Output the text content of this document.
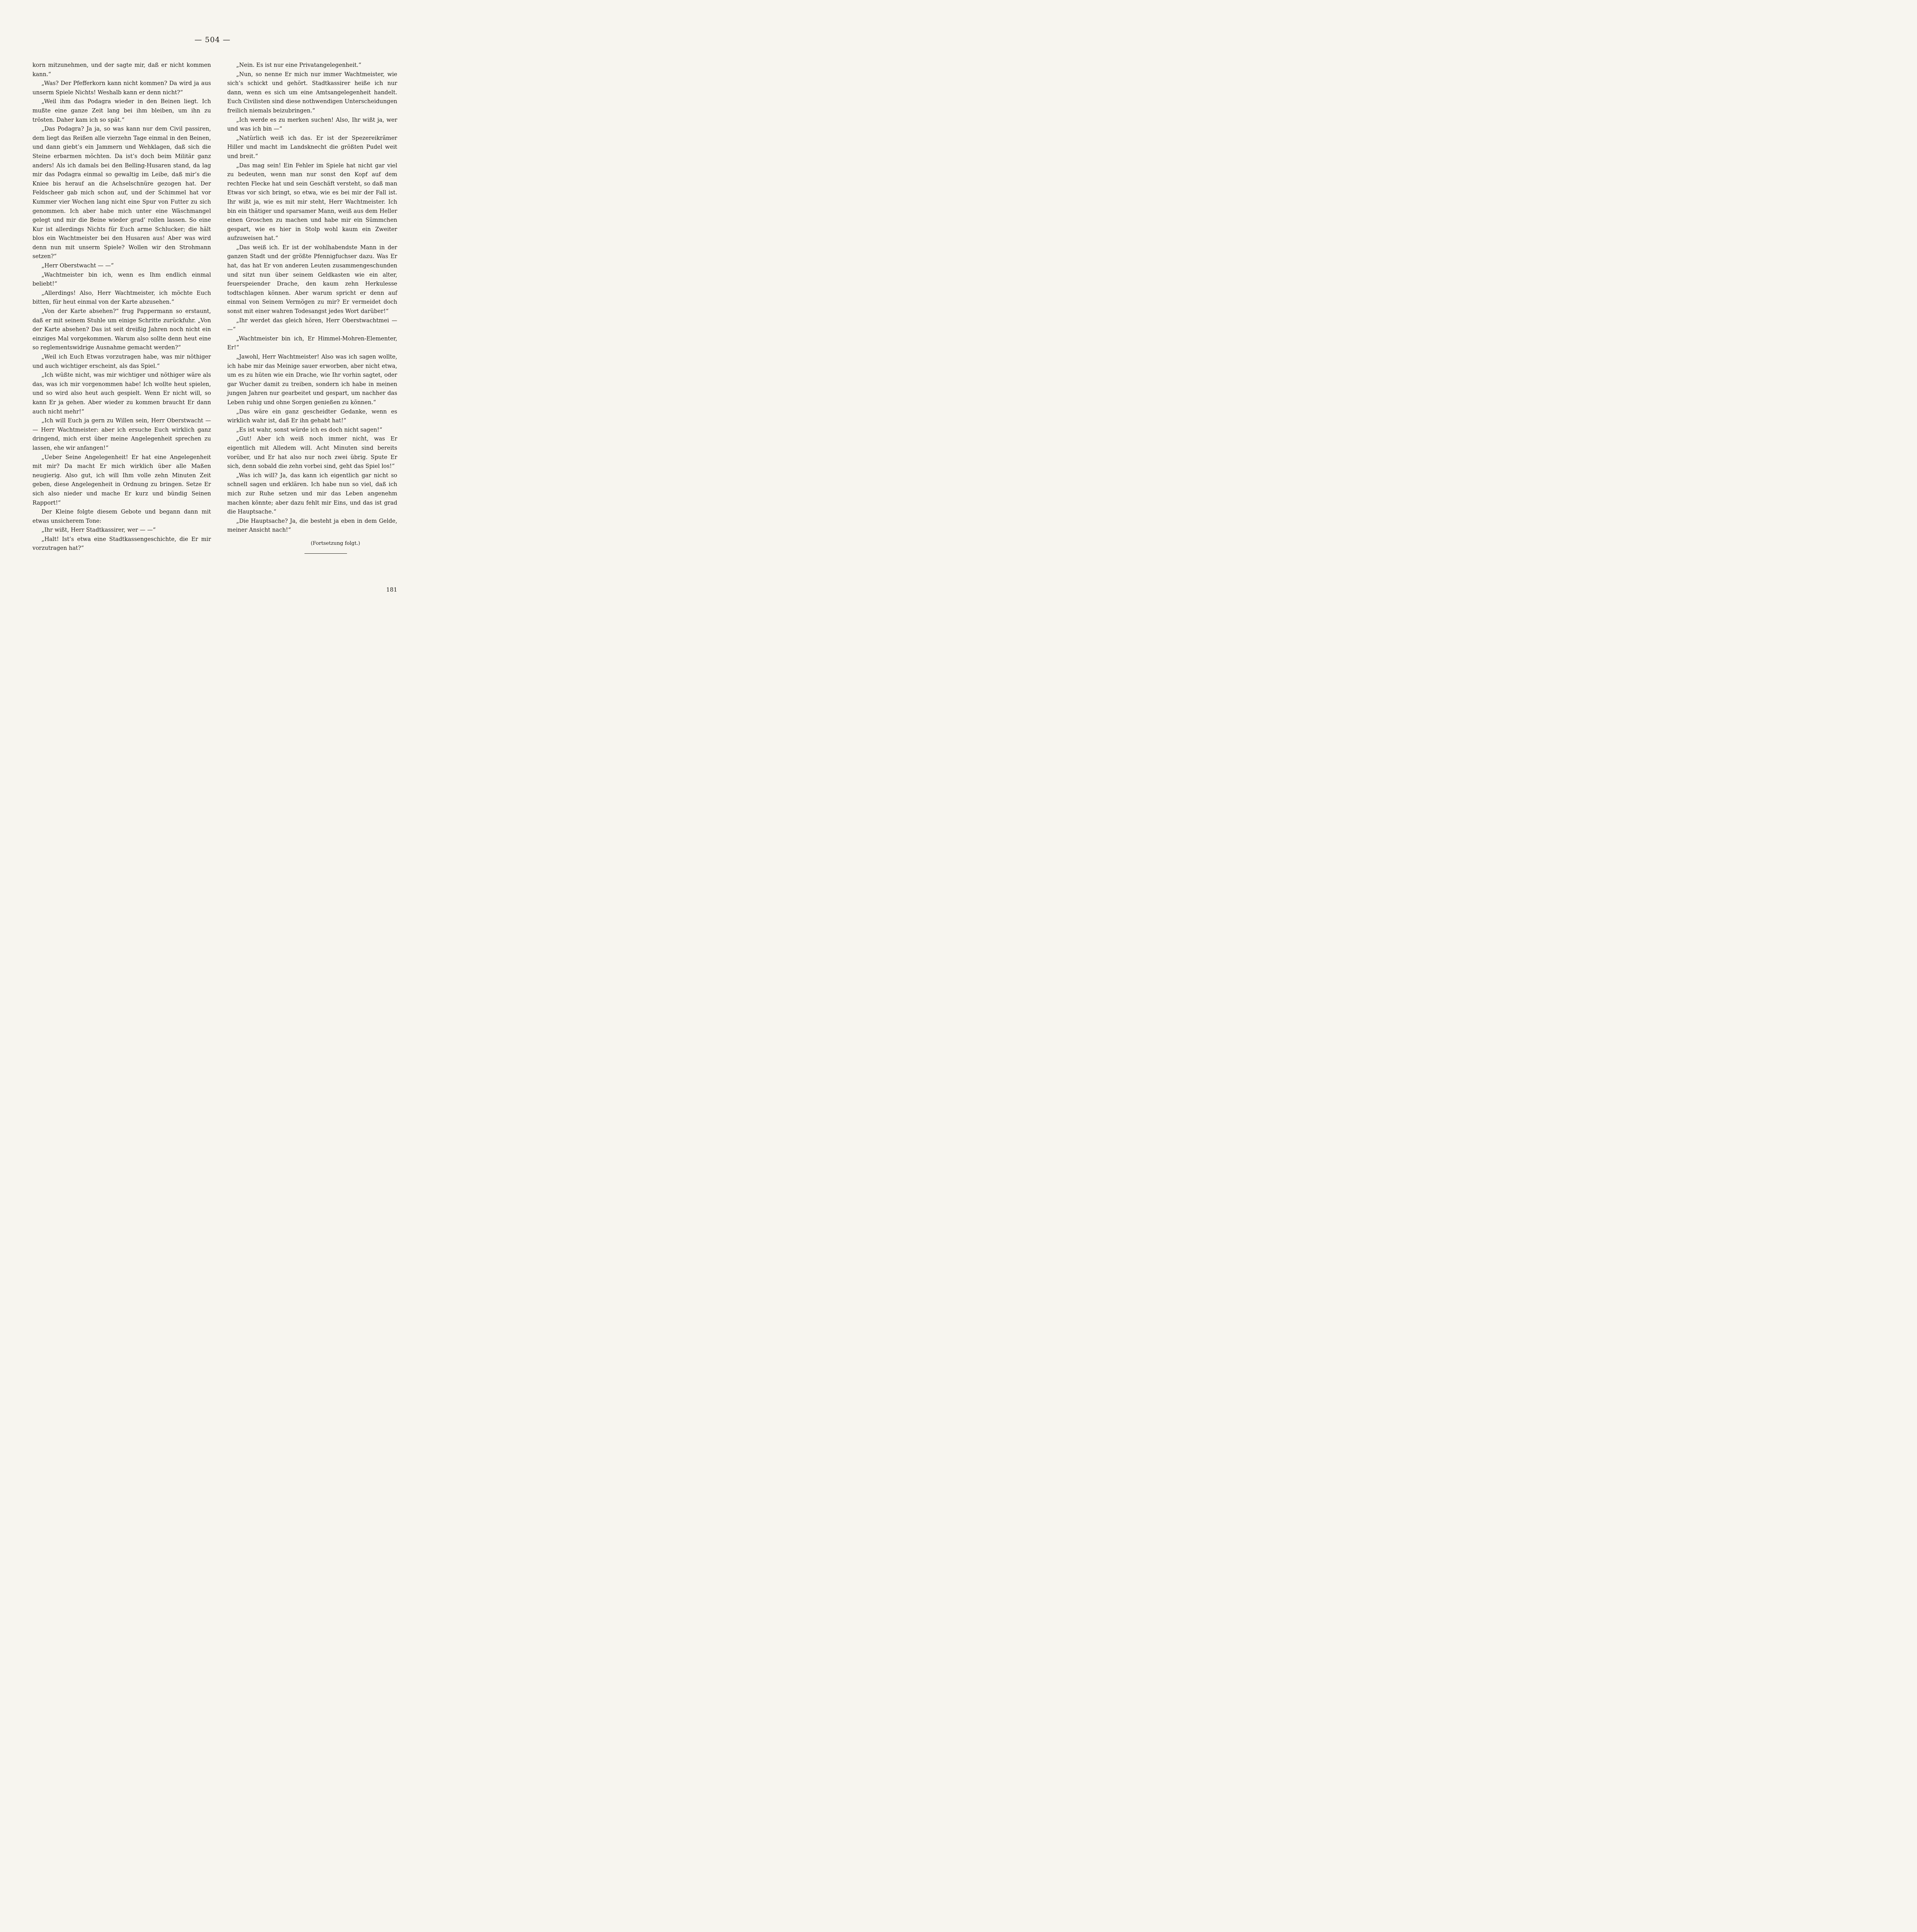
— 504 —

korn mitzunehmen, und der sagte mir, daß er nicht kommen kann.“

„Was? Der Pfefferkorn kann nicht kommen? Da wird ja aus unserm Spiele Nichts! Weshalb kann er denn nicht?“

„Weil ihm das Podagra wieder in den Beinen liegt. Ich mußte eine ganze Zeit lang bei ihm bleiben, um ihn zu trösten. Daher kam ich so spät.“

„Das Podagra? Ja ja, so was kann nur dem Civil passiren, dem liegt das Reißen alle vierzehn Tage einmal in den Beinen, und dann giebt’s ein Jammern und Wehklagen, daß sich die Steine erbarmen möchten. Da ist’s doch beim Militär ganz anders! Als ich damals bei den Belling-Husaren stand, da lag mir das Podagra einmal so gewaltig im Leibe, daß mir’s die Kniee bis herauf an die Achselschnüre gezogen hat. Der Feldscheer gab mich schon auf, und der Schimmel hat vor Kummer vier Wochen lang nicht eine Spur von Futter zu sich genommen. Ich aber habe mich unter eine Wäschmangel gelegt und mir die Beine wieder grad’ rollen lassen. So eine Kur ist allerdings Nichts für Euch arme Schlucker; die hält blos ein Wachtmeister bei den Husaren aus! Aber was wird denn nun mit unserm Spiele? Wollen wir den Strohmann setzen?“

„Herr Oberstwacht — —“

„Wachtmeister bin ich, wenn es Ihm endlich einmal beliebt!“

„Allerdings! Also, Herr Wachtmeister, ich möchte Euch bitten, für heut einmal von der Karte abzusehen.“

„Von der Karte absehen?“ frug Pappermann so erstaunt, daß er mit seinem Stuhle um einige Schritte zurückfuhr. „Von der Karte absehen? Das ist seit dreißig Jahren noch nicht ein einziges Mal vorgekommen. Warum also sollte denn heut eine so reglementswidrige Ausnahme gemacht werden?“

„Weil ich Euch Etwas vorzutragen habe, was mir nöthiger und auch wichtiger erscheint, als das Spiel.“

„Ich wüßte nicht, was mir wichtiger und nöthiger wäre als das, was ich mir vorgenommen habe! Ich wollte heut spielen, und so wird also heut auch gespielt. Wenn Er nicht will, so kann Er ja gehen. Aber wieder zu kommen braucht Er dann auch nicht mehr!“

„Ich will Euch ja gern zu Willen sein, Herr Oberstwacht — — Herr Wachtmeister: aber ich ersuche Euch wirklich ganz dringend, mich erst über meine Angelegenheit sprechen zu lassen, ehe wir anfangen!“

„Ueber Seine Angelegenheit! Er hat eine Angelegenheit mit mir? Da macht Er mich wirklich über alle Maßen neugierig. Also gut, ich will Ihm volle zehn Minuten Zeit geben, diese Angelegenheit in Ordnung zu bringen. Setze Er sich also nieder und mache Er kurz und bündig Seinen Rapport!“

Der Kleine folgte diesem Gebote und begann dann mit etwas unsicherem Tone:

„Ihr wißt, Herr Stadtkassirer, wer — —“

„Halt! Ist’s etwa eine Stadtkassengeschichte, die Er mir vorzutragen hat?“

„Nein. Es ist nur eine Privatangelegenheit.“

„Nun, so nenne Er mich nur immer Wachtmeister, wie sich’s schickt und gehört. Stadtkassirer heiße ich nur dann, wenn es sich um eine Amtsangelegenheit handelt. Euch Civilisten sind diese nothwendigen Unterscheidungen freilich niemals beizubringen.“

„Ich werde es zu merken suchen! Also, Ihr wißt ja, wer und was ich bin —“

„Natürlich weiß ich das. Er ist der Spezereikrämer Hiller und macht im Landsknecht die größten Pudel weit und breit.“

„Das mag sein! Ein Fehler im Spiele hat nicht gar viel zu bedeuten, wenn man nur sonst den Kopf auf dem rechten Flecke hat und sein Geschäft versteht, so daß man Etwas vor sich bringt, so etwa, wie es bei mir der Fall ist. Ihr wißt ja, wie es mit mir steht, Herr Wachtmeister. Ich bin ein thätiger und sparsamer Mann, weiß aus dem Heller einen Groschen zu machen und habe mir ein Sümmchen gespart, wie es hier in Stolp wohl kaum ein Zweiter aufzuweisen hat.“

„Das weiß ich. Er ist der wohlhabendste Mann in der ganzen Stadt und der größte Pfennigfuchser dazu. Was Er hat, das hat Er von anderen Leuten zusammengeschunden und sitzt nun über seinem Geldkasten wie ein alter, feuerspeiender Drache, den kaum zehn Herkulesse todtschlagen können. Aber warum spricht er denn auf einmal von Seinem Vermögen zu mir? Er vermeidet doch sonst mit einer wahren Todesangst jedes Wort darüber!“

„Ihr werdet das gleich hören, Herr Oberstwachtmei — —“

„Wachtmeister bin ich, Er Himmel-Mohren-Elementer, Er!“

„Jawohl, Herr Wachtmeister! Also was ich sagen wollte, ich habe mir das Meinige sauer erworben, aber nicht etwa, um es zu hüten wie ein Drache, wie Ihr vorhin sagtet, oder gar Wucher damit zu treiben, sondern ich habe in meinen jungen Jahren nur gearbeitet und gespart, um nachher das Leben ruhig und ohne Sorgen genießen zu können.“

„Das wäre ein ganz gescheidter Gedanke, wenn es wirklich wahr ist, daß Er ihn gehabt hat!“

„Es ist wahr, sonst würde ich es doch nicht sagen!“

„Gut! Aber ich weiß noch immer nicht, was Er eigentlich mit Alledem will. Acht Minuten sind bereits vorüber, und Er hat also nur noch zwei übrig. Spute Er sich, denn sobald die zehn vorbei sind, geht das Spiel los!“

„Was ich will? Ja, das kann ich eigentlich gar nicht so schnell sagen und erklären. Ich habe nun so viel, daß ich mich zur Ruhe setzen und mir das Leben angenehm machen könnte; aber dazu fehlt mir Eins, und das ist grad die Hauptsache.“

„Die Hauptsache? Ja, die besteht ja eben in dem Gelde, meiner Ansicht nach!“

(Fortsetzung folgt.)
181
